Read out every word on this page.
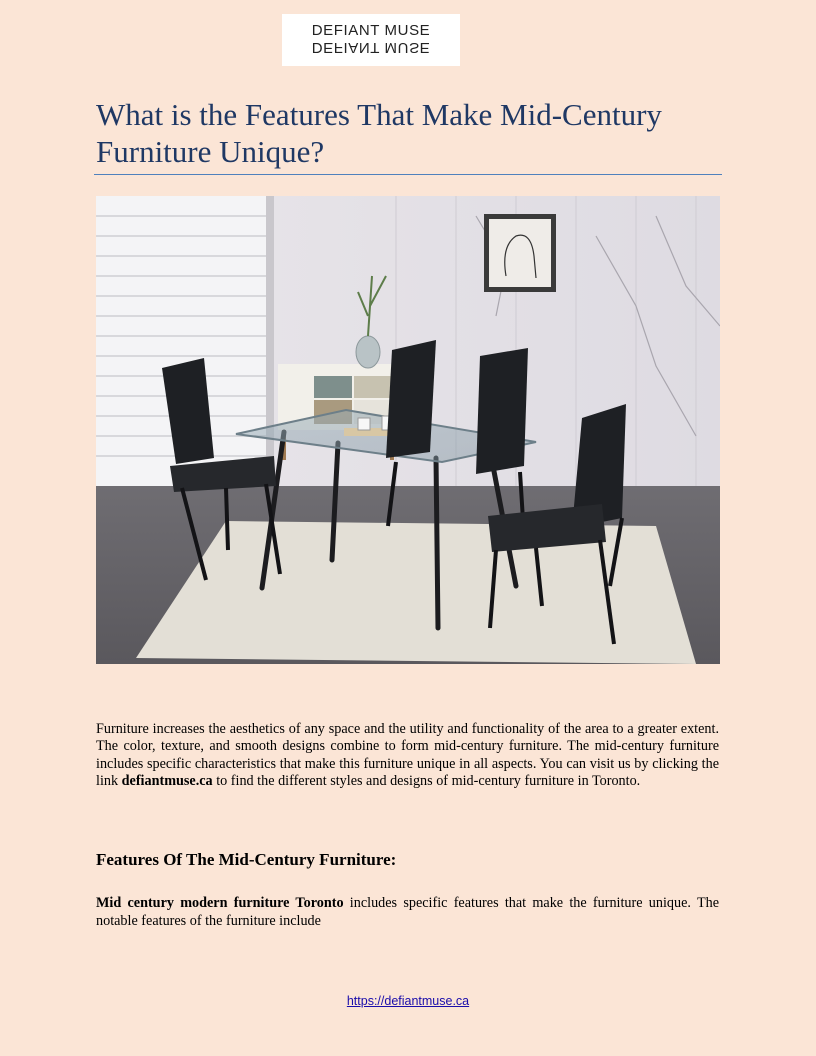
DEFIANT MUSE
DEFIANT MUSE
What is the Features That Make Mid-Century Furniture Unique?

Furniture increases the aesthetics of any space and the utility and functionality of the area to a greater extent. The color, texture, and smooth designs combine to form mid-century furniture. The mid-century furniture includes specific characteristics that make this furniture unique in all aspects. You can visit us by clicking the link defiantmuse.ca to find the different styles and designs of mid-century furniture in Toronto.

Features Of The Mid-Century Furniture:

Mid century modern furniture Toronto includes specific features that make the furniture unique. The notable features of the furniture include

https://defiantmuse.ca
